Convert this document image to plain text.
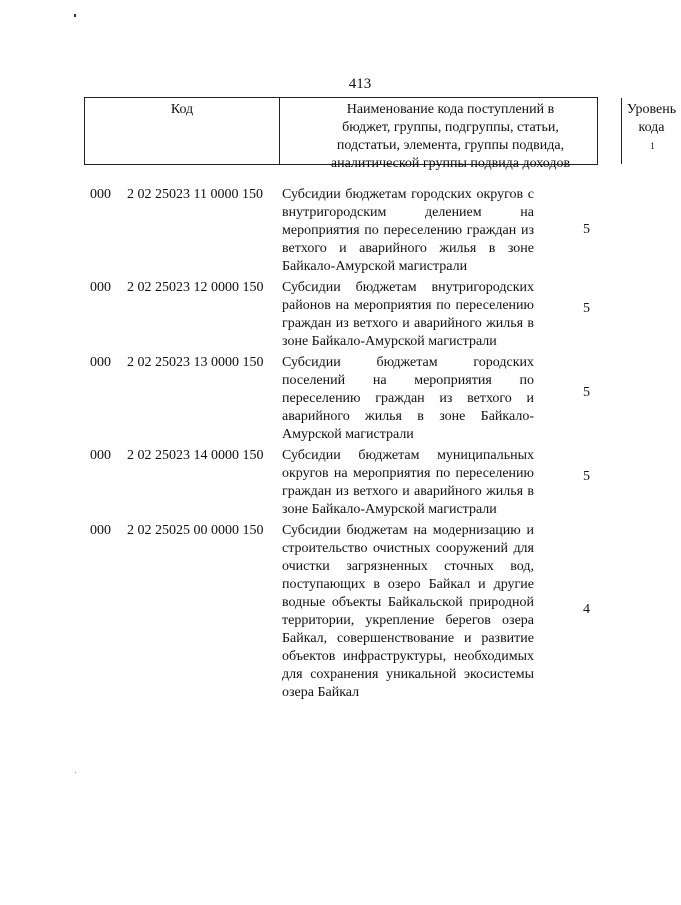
413
Код	Наименование кода поступлений в
бюджет, группы, подгруппы, статьи,
подстатьи, элемента, группы подвида,
аналитической группы подвида доходов
Уровень
кода
1
000 2 02 25023 11 0000 150
5
Субсидии бюджетам городских округов с внутригородским делением на мероприятия по переселению граждан из ветхого и аварийного жилья в зоне Байкало-Амурской магистрали
000 2 02 25023 12 0000 150
5
Субсидии бюджетам внутригородских районов на мероприятия по переселению граждан из ветхого и аварийного жилья в зоне Байкало-Амурской магистрали
000 2 02 25023 13 0000 150
5
Субсидии бюджетам городских поселений на мероприятия по переселению граждан из ветхого и аварийного жилья в зоне Байкало-Амурской магистрали
000 2 02 25023 14 0000 150
5
Субсидии бюджетам муниципальных округов на мероприятия по переселению граждан из ветхого и аварийного жилья в зоне Байкало-Амурской магистрали
000 2 02 25025 00 0000 150
4
Субсидии бюджетам на модернизацию и строительство очистных сооружений для очистки загрязненных сточных вод, поступающих в озеро Байкал и другие водные объекты Байкальской природной территории, укрепление берегов озера Байкал, совершенствование и развитие объектов инфраструктуры, необходимых для сохранения уникальной экосистемы озера Байкал
